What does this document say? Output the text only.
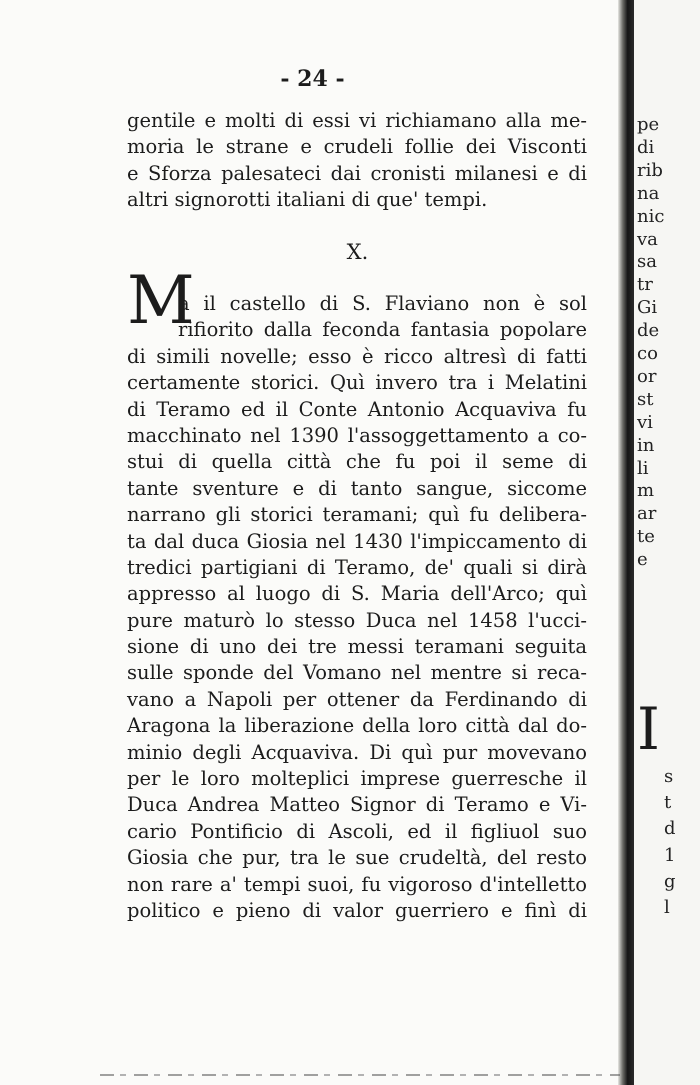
pe
di
rib
na
nic
va
sa
tr
Gi
de
co
or
st
vi
in
li
m
ar
te
e
I
s
t
d
1
g
l
- 24 -
gentile e molti di essi vi richiamano alla me-
moria le strane e crudeli follie dei Visconti
e Sforza palesateci dai cronisti milanesi e di
altri signorotti italiani di que' tempi.
X.
M
a il castello di S. Flaviano non è sol
rifiorito dalla feconda fantasia popolare
di simili novelle; esso è ricco altresì di fatti
certamente storici. Quì invero tra i Melatini
di Teramo ed il Conte Antonio Acquaviva fu
macchinato nel 1390 l'assoggettamento a co-
stui di quella città che fu poi il seme di
tante sventure e di tanto sangue, siccome
narrano gli storici teramani; quì fu delibera-
ta dal duca Giosia nel 1430 l'impiccamento di
tredici partigiani di Teramo, de' quali si dirà
appresso al luogo di S. Maria dell'Arco; quì
pure maturò lo stesso Duca nel 1458 l'ucci-
sione di uno dei tre messi teramani seguita
sulle sponde del Vomano nel mentre si reca-
vano a Napoli per ottener da Ferdinando di
Aragona la liberazione della loro città dal do-
minio degli Acquaviva. Di quì pur movevano
per le loro molteplici imprese guerresche il
Duca Andrea Matteo Signor di Teramo e Vi-
cario Pontificio di Ascoli, ed il figliuol suo
Giosia che pur, tra le sue crudeltà, del resto
non rare a' tempi suoi, fu vigoroso d'intelletto
politico e pieno di valor guerriero e finì di
